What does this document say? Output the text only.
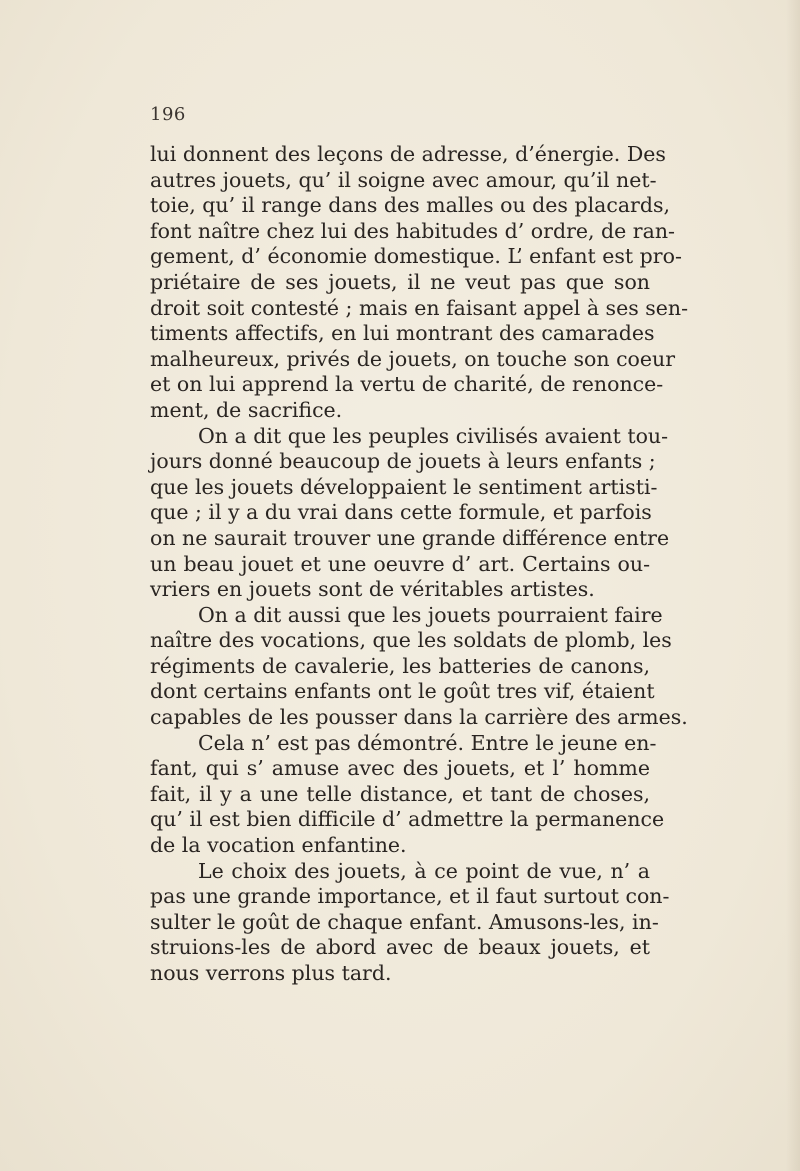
196
lui donnent des leçons de adresse, d’énergie. Des
autres jouets, qu’ il soigne avec amour, qu’il net-
toie, qu’ il range dans des malles ou des placards,
font naître chez lui des habitudes d’ ordre, de ran-
gement, d’ économie domestique. L’ enfant est pro-
priétaire de ses jouets, il ne veut pas que son
droit soit contesté ; mais en faisant appel à ses sen-
timents affectifs, en lui montrant des camarades
malheureux, privés de jouets, on touche son coeur
et on lui apprend la vertu de charité, de renonce-
ment, de sacrifice.
On a dit que les peuples civilisés avaient tou-
jours donné beaucoup de jouets à leurs enfants ;
que les jouets développaient le sentiment artisti-
que ; il y a du vrai dans cette formule, et parfois
on ne saurait trouver une grande différence entre
un beau jouet et une oeuvre d’ art. Certains ou-
vriers en jouets sont de véritables artistes.
On a dit aussi que les jouets pourraient faire
naître des vocations, que les soldats de plomb, les
régiments de cavalerie, les batteries de canons,
dont certains enfants ont le goût tres vif, étaient
capables de les pousser dans la carrière des armes.
Cela n’ est pas démontré. Entre le jeune en-
fant, qui s’ amuse avec des jouets, et l’ homme
fait, il y a une telle distance, et tant de choses,
qu’ il est bien difficile d’ admettre la permanence
de la vocation enfantine.
Le choix des jouets, à ce point de vue, n’ a
pas une grande importance, et il faut surtout con-
sulter le goût de chaque enfant. Amusons-les, in-
struions-les de abord avec de beaux jouets, et
nous verrons plus tard.
